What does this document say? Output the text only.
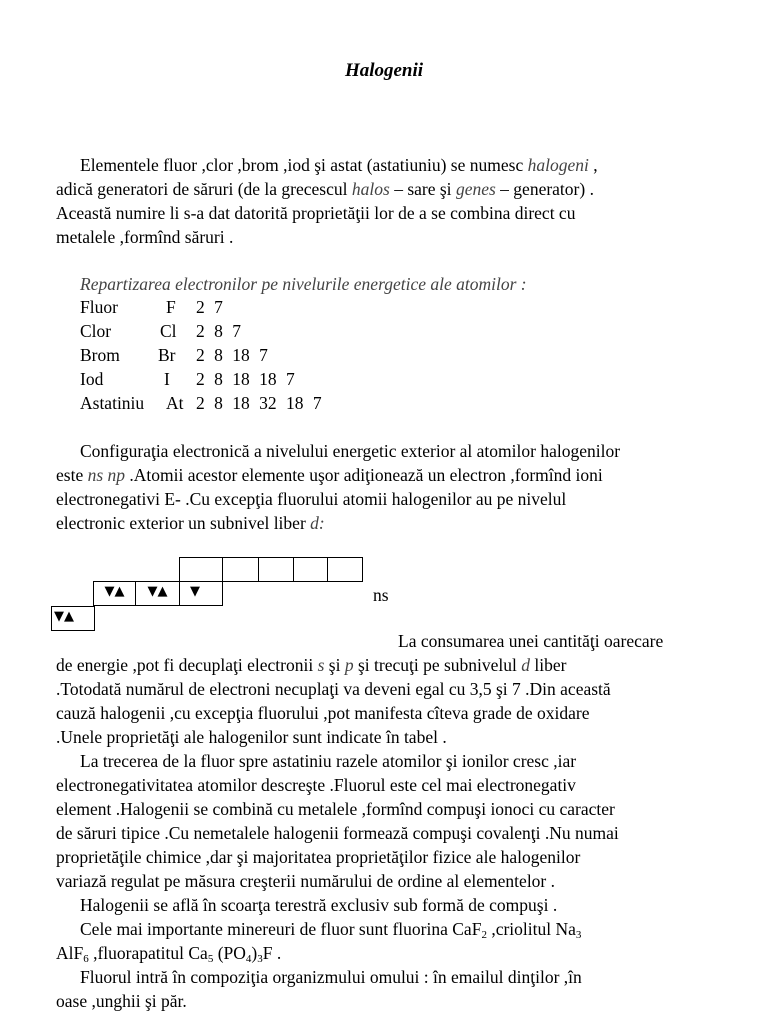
Halogenii
Elementele fluor ,clor ,brom ,iod şi astat (astatiuniu) se numesc halogeni ,
adică generatori de săruri (de la grecescul halos – sare şi genes – generator) .
Această numire li s-a dat datorită proprietăţii lor de a se combina direct cu
metalele ,formînd săruri .
Repartizarea electronilor pe nivelurile energetice ale atomilor :
Fluor	F 2 7
Clor	Cl 2 8 7
Brom Br 2 8 18 7
Iod	I 2 8 18 18 7
Astatiniu At 2 8 18 32 18 7
Configuraţia electronică a nivelului energetic exterior al atomilor halogenilor
este ns np .Atomii acestor elemente uşor adiţionează un electron ,formînd ioni
electronegativi E- .Cu excepţia fluorului atomii halogenilor au pe nivelul
electronic exterior un subnivel liber d:
▼▲	▼▲	▼
▼▲
ns
La consumarea unei cantităţi oarecare
de energie ,pot fi decuplaţi electronii s şi p şi trecuţi pe subnivelul d liber
.Totodată numărul de electroni necuplaţi va deveni egal cu 3,5 şi 7 .Din această
cauză halogenii ,cu excepţia fluorului ,pot manifesta cîteva grade de oxidare
.Unele proprietăţi ale halogenilor sunt indicate în tabel .
La trecerea de la fluor spre astatiniu razele atomilor şi ionilor cresc ,iar
electronegativitatea atomilor descreşte .Fluorul este cel mai electronegativ
element .Halogenii se combină cu metalele ,formînd compuşi ionoci cu caracter
de săruri tipice .Cu nemetalele halogenii formează compuşi covalenţi .Nu numai
proprietăţile chimice ,dar şi majoritatea proprietăţilor fizice ale halogenilor
variază regulat pe măsura creşterii numărului de ordine al elementelor .
Halogenii se află în scoarţa terestră exclusiv sub formă de compuşi .
Cele mai importante minereuri de fluor sunt fluorina CaF$_2$ ,criolitul $Na_3$
AlF$_6$ ,fluorapatitul $Ca_5$ $(PO_4)_3F$ .
Fluorul intră în compoziţia organizmului omului : în emailul dinţilor ,în
oase ,unghii şi păr.
